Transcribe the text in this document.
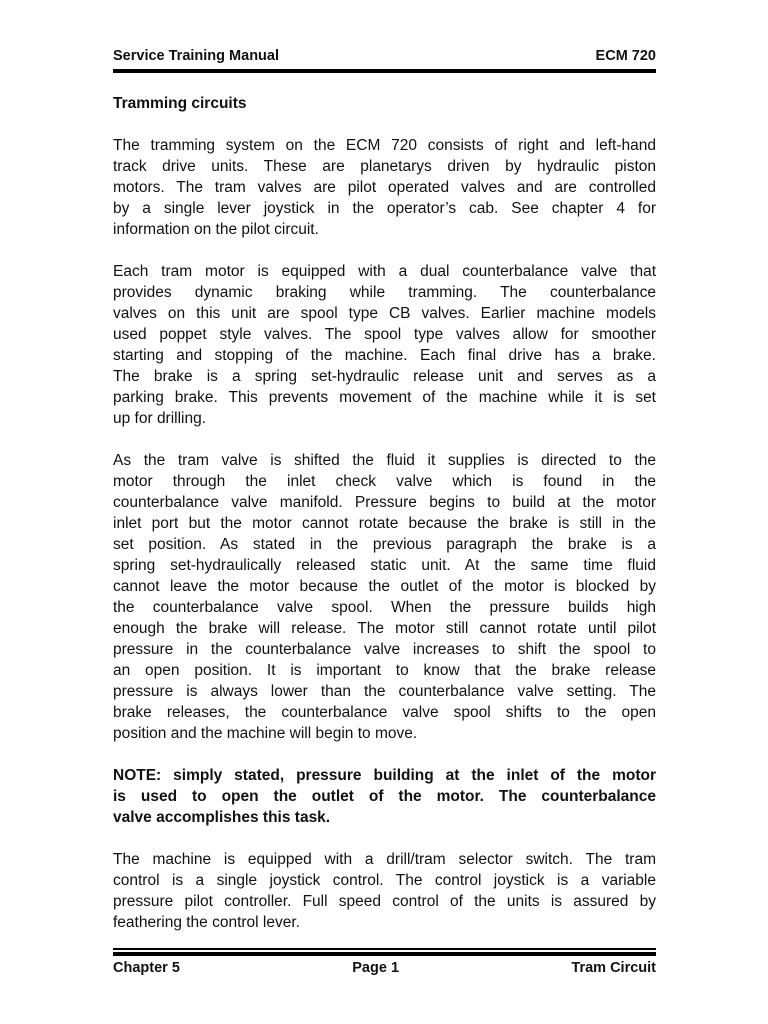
Service Training Manual	ECM 720
Tramming circuits

The tramming system on the ECM 720 consists of right and left-hand
track drive units. These are planetarys driven by hydraulic piston
motors. The tram valves are pilot operated valves and are controlled
by a single lever joystick in the operator’s cab. See chapter 4 for
information on the pilot circuit.

Each tram motor is equipped with a dual counterbalance valve that
provides dynamic braking while tramming. The counterbalance
valves on this unit are spool type CB valves. Earlier machine models
used poppet style valves. The spool type valves allow for smoother
starting and stopping of the machine. Each final drive has a brake.
The brake is a spring set-hydraulic release unit and serves as a
parking brake. This prevents movement of the machine while it is set
up for drilling.

As the tram valve is shifted the fluid it supplies is directed to the
motor through the inlet check valve which is found in the
counterbalance valve manifold. Pressure begins to build at the motor
inlet port but the motor cannot rotate because the brake is still in the
set position. As stated in the previous paragraph the brake is a
spring set-hydraulically released static unit. At the same time fluid
cannot leave the motor because the outlet of the motor is blocked by
the counterbalance valve spool. When the pressure builds high
enough the brake will release. The motor still cannot rotate until pilot
pressure in the counterbalance valve increases to shift the spool to
an open position. It is important to know that the brake release
pressure is always lower than the counterbalance valve setting. The
brake releases, the counterbalance valve spool shifts to the open
position and the machine will begin to move.

NOTE: simply stated, pressure building at the inlet of the motor
is used to open the outlet of the motor. The counterbalance
valve accomplishes this task.

The machine is equipped with a drill/tram selector switch. The tram
control is a single joystick control. The control joystick is a variable
pressure pilot controller. Full speed control of the units is assured by
feathering the control lever.

Chapter 5	Page 1	Tram Circuit
